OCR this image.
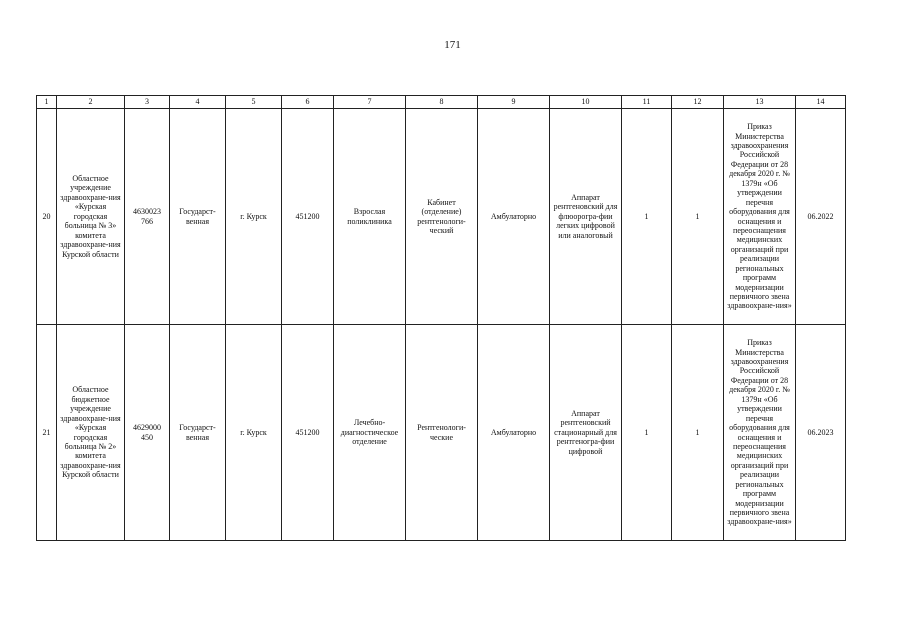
171
1	2	3	4	5	6	7	8	9	10	11	12	13	14
20	Областное учреждение здравоохране-ния «Курская городская больница № 3» комитета здравоохране-ния Курской области	4630023 766	Государст-венная	г. Курск	451200	Взрослая поликлиника	Кабинет (отделение) рентгенологи-ческий	Амбулаторно	Аппарат рентгеновский для флюорогра-фии легких цифровой или аналоговый	1	1	Приказ Министерства здравоохранения Российской Федерации от 28 декабря 2020 г. № 1379н «Об утверждении перечня оборудования для оснащения и переоснащения медицинских организаций при реализации региональных программ модернизации первичного звена здравоохране-ния»	06.2022
21	Областное бюджетное учреждение здравоохране-ния «Курская городская больница № 2» комитета здравоохране-ния Курской области	4629000 450	Государст-венная	г. Курск	451200	Лечебно-диагностическое отделение	Рентгенологи-ческие	Амбулаторно	Аппарат рентгеновский стационарный для рентгеногра-фии цифровой	1	1	Приказ Министерства здравоохранения Российской Федерации от 28 декабря 2020 г. № 1379н «Об утверждении перечня оборудования для оснащения и переоснащения медицинских организаций при реализации региональных программ модернизации первичного звена здравоохране-ния»	06.2023
